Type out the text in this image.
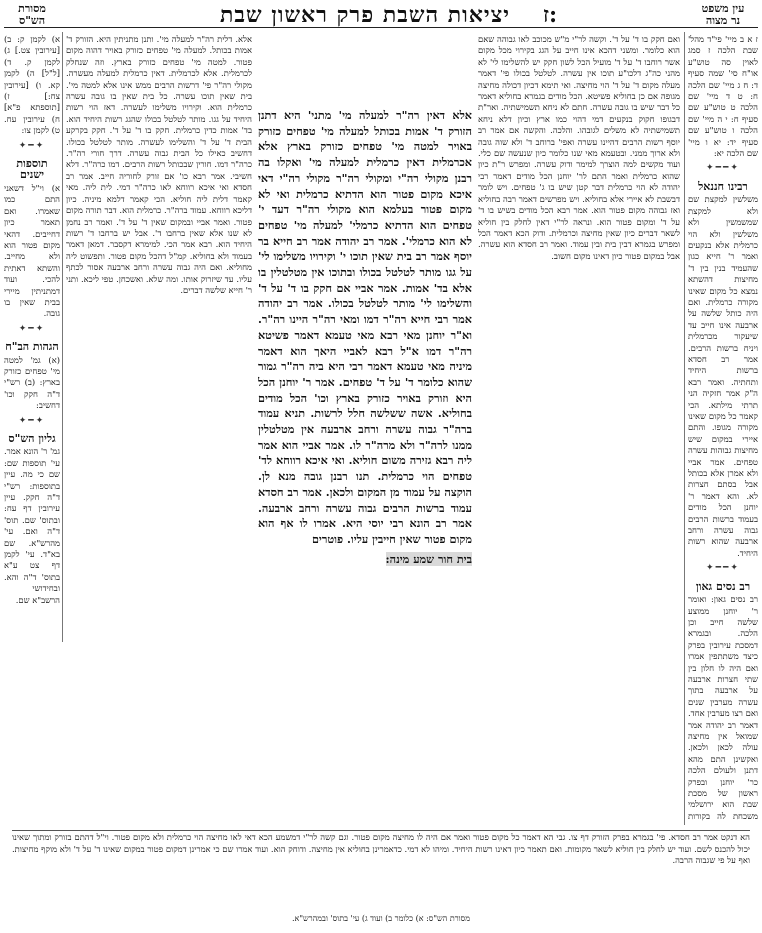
עין משפט
נר מצוה
ז:
יציאות השבת פרק ראשון שבת
מסורת
הש"ס

ז א ב מיי' פי"ד מהל' שבת הלכה ז סמג לאוין סה טוש"ע או"ח סי' שמה סעיף ד: ח ג מיי' שם הלכה ח: ט ד מיי' שם הלכה ט טוש"ע שם סעיף ח: י ה מיי' שם הלכה ו טוש"ע שם סעיף יד: יא ו מיי' שם הלכה יא:

✦━━✦
רבינו חננאל

משלשין למקצת שם ולא למקצת שמשמשין ולא משלשין ולא הוי כרמלית אלא בנקעים ואמר ר' חייא כגון שהעמיד בנין בין ד' מחיצות דהשתא נמצא כל מקום שאינו מקורה כרמלית. ואם היה כותל שלשה על ארבעה אינו חייב עד שיעקור מכרמלית ויניח ברשות הרבים. אמר רב חסדא ברשות היחיד ותחתיה. ואמר רבא ה"ק אמר חזקיה הני תרתי מילתא. הכי קאמר כל מקום שאינו מקורה מגופו. והתם איירי במקום שיש מחיצות גבוהות עשרה טפחים. אמר אביי ולא אמרן אלא בכותל אבל בסתם חצרות לא. והא דאמר ר' יוחנן הכל מודים בעמוד ברשות הרבים גבוה עשרה ורחב ארבעה שהוא רשות היחיד.

✦━━✦
רב נסים גאון

רב נסים גאון: ואומר ר' יוחנן ממוצע שלשה חייב וכן הלכה. ובגמרא דמסכת עירובין בפרק כיצד משתתפין אמרו ואם היה לו חלון בין שתי חצרות ארבעה על ארבעה בתוך עשרה מערבין שנים ואם רצו מערבין אחד. דאמר רב יהודה אמר שמואל אין מחיצה עולה לכאן ולכאן. ואקשינן התם מהא דתנן ולעולם הלכה כר' יוחנן ובפרק ראשון של מסכת שבת הוא ירושלמי משכחת לה בקורות

ואם חקק בו ד' על ד'. וקשה לר"י מ"ש מכוכב לאו גבוהה שאם הוא כלומר. ומשני דהכא אינו חייב על הגג בקירוי מכל מקום אשר רוחבו ד' על ד' מועיל הכל לשון חקק יש להשלימו לי' לא מהני כה"ג דלכו"ע תוכו אין עשרה. לטלטל בכולו פי' דאמר מעלה מקום ד' על ד' הוי מחיצה. ואי תימא דכיון דכולה מחיצה מגופה אם כן בחוליא פשיטא. הכל מודים בגמרא בחוליא דאמר כל דבר שיש בו גובה עשרה. חתם לא ניחא תשמישתיה. ואר"ת דבגופו חקוק בנקעים דמי דהוי כמו ארץ וכיון דלא ניחא תשמישתיה לא משלים לגובהו. והלכה. והקשה אם אמר רב יוסף רשות הרבים דהיינו עשרה ואפי' ברוחב ד' ולא שוה גובה ולא ארוך ממני. ובטעמא מאי שנו כלומר כיון שנעשה שם כלי. ועוד מקשים למה הוצרך למימר ודוק עשרה. ומפרש ר"ת כיון שהוא כרמלית ואמר התם לר' יוחנן הכל מודים דאמר רבי יהודה לא הוי כרמלית דבר קטן שיש בו ג' טפחים. ויש לומר דבשבת לא איירי אלא בחוליא. ויש מפרשים דאמר רבה בחוליא ואז גבוהה מקום פטור הוא. אמר רבא הכל מודים בשיש בו ד' על ד' ומקום פטור הוא. ונראה לר"י דאין לחלק בין חוליא לשאר דברים כיון שאין מחיצה וכרמלית. ודוק הכא דאמר הכל ומפרש בגמרא דבין בית ובין עמוד. ואמר רב חסדא הוא עשרה. אבל במקום פטור כיון דאינו מקום חשוב.

אלא דאין רה"ר למעלה מי' מתני' היא דתנן הזורק ד' אמות בכותל למעלה מי' טפחים כזורק באויר למטה מי' טפחים כזורק בארץ אלא אכרמלית דאין כרמלית למעלה מי' ואקלו בה רבנן מקולי רה"י ומקולי רה"ר מקולי רה"י דאי איכא מקום פטור הוא הדתיא כרמלית ואי לא מקום פטור בעלמא הוא מקולי רה"ר דעד י' טפחים הוא הדתיא כרמלי' למעלה מי' טפחים לא הוא כרמלי'. אמר רב יהודה אמר רב חייא בר יוסף אמר רב בית שאין תוכו י' וקירויו משלימו לי' על גגו מותר לטלטל בכולו ובתוכו אין מטלטלין בו אלא בד' אמות. אמר אביי אם חקק בו ד' על ד' והשלימו לי' מותר לטלטל בכולו. אמר רב יהודה אמר רבי חייא רה"ר דמו ומאי רה"ר היינו רה"ר. וא"ר יוחנן מאי רבא מאי טעמא דאמר פשיטא רה"ר דמו א"ל רבא לאביי היאך הוא דאמר מיניה מאי טעמא דאמר רבי היא ביה רה"ר גמור שהוא כלומר ד' על ד' טפחים. אמר ר' יוחנן הכל היא וזורק באויר כזורק בארץ וכו' הכל מודים בחוליא. אשה ששלשה חלל לרשות. תניא עמוד ברה"ר גבוה עשרה ורחב ארבעה אין מטלטלין ממנו לרה"ר ולא מרה"ר לו. אמר אביי הוא אמר ליה רבא גזירה משום חוליא. ואי איכא רווחא לד' טפחים הוי כרמלית. תנו רבנן גובה מנא לן. הוקצה על עמוד מן המקום ולכאן. אמר רב חסדא עמוד ברשות הרבים גבוה עשרה ורחב ארבעה. אמר רב הונא רבי יוסי היא. אמרו לו אף הוא מקום פטור שאין חייבין עליו. פוטרים

בית חור שמע מינה:

אלא. דלית רה"ר למעלה מי'. ותנן מתניתין היא. הזורק ד' אמות בכותל. למעלה מי' טפחים כזורק באויר דהוה מקום פטור. למטה מי' טפחים כזורק בארץ. וזה שנחלק לכרמלית. אלא לכרמלית. דאין כרמלית למעלה מעשרה. מקולי רה"ר פי' דרשות הרבים ממש אינו אלא למטה מי'. בית שאין תוכו עשרה. כל בית שאין בו גובה עשרה כרמלית הוא. וקירויו משלימו לעשרה. דאז הוי רשות היחיד על גגו. מותר לטלטל בכולו שהגג רשות היחיד הוא. בד' אמות כדין כרמלית. חקק בו ד' על ד'. חקק בקרקע הבית ד' על ד' והשלימו לעשרה. מותר לטלטל בכולו. דחשיב כאילו כל הבית גבוה עשרה. דרך חורי רה"ר. כרה"ר דמו. חורין שבכותל רשות הרבים. דמו כרה"ר. דלא חשיבי. אמר רבא כו' אם זורק לחוריה חייב. אמר רב חסדא ואי איכא רווחא לאו כרה"ר דמי. לית ליה. מאי קאמר דלית ליה חוליא. הכי קאמר דלמא מיניה. כיון דליכא רווחא. עמוד ברה"ר. כרמלית הוא. דבר תורה מקום פטור. ואמר אביי ובמקום שאין ד' על ד'. ואמר רב נחמן לא שנו אלא שאין ברחבו ד'. אבל יש ברחבו ד' רשות היחיד הוא. רבא אמר הכי. למימרא דקסבר. דמאן דאמר בעמוד ולא בחוליא. קמ"ל דהכל מקום פטור. ותפשוט ליה מחוליא. ואם היה גבוה עשרה ורחב ארבעה אסור לכתף עליו. עד שיזרוק אותו. ומה שלא. ואשכחן. טפי ליכא. ותני ר' חייא שלשה דברים.

א) לקמן ק: ב) [עירובין צט.] ג) לקמן ק. ד) [ל"ל] ה) לקמן קא. ו) [עירובין צח:] ז) [תוספתא פ"א] ח) עירובין עח. ט) לקמן צו:

✦━✦
תוספות ישנים

א) וי"ל דשאני התם כמו שאמרו. ואם תאמר כיון דחייבים. דהאי מקום פטור הוא ולא מחייב. והשתא דאתית להכי. ועוד דמתניתין מיירי בבית שאין בו גובה.

✦━✦
הגהות הב"ח

(א) גמ' למטה מי' טפחים כזורק בארץ: (ב) רש"י ד"ה חקק וכו' דחשיב:

✦━✦
גליון הש"ס

גמ' ר' הונא אמר. עי' תוספות שם: שם כי מה. עיין בתוספות: רש"י ד"ה חקק. עיין עירובין דף עח: ובתוס' שם. תוס' ד"ה ואם. עי' מהרש"א. שם בא"ד. עי' לקמן דף צט ע"א בתוס' ד"ה והא. ובחידושי הרשב"א שם.

הא דנקט אמר רב חסדא. פי' בגמרא בפרק הזורק דף צו. גבי הא דאמר כל מקום פטור ואמר אם היה לו מחיצה מקום פטור. וגם קשה לר"י דמשמע הכא דאי לאו מחיצה הוי כרמלית ולא מקום פטור. וי"ל דהתם בזורק ומתוך שאינו יכול להכנס לשם. ועוד יש לחלק בין חוליא לשאר מקומות. ואם תאמר כיון דאינו רשות היחיד. ומיהו לא דמי. כדאמרינן בחוליא אין מחיצה. ודוחק הוא. ועוד אמרו שם כי אמרינן דמקום פטור במקום שאינו ד' על ד' ולא מוקף מחיצות. ואף על פי שגבוה הרבה.
מסורת הש"ס: א) כלומר ב) ועוד ג) עי' בתוס' ובמהרש"א.
